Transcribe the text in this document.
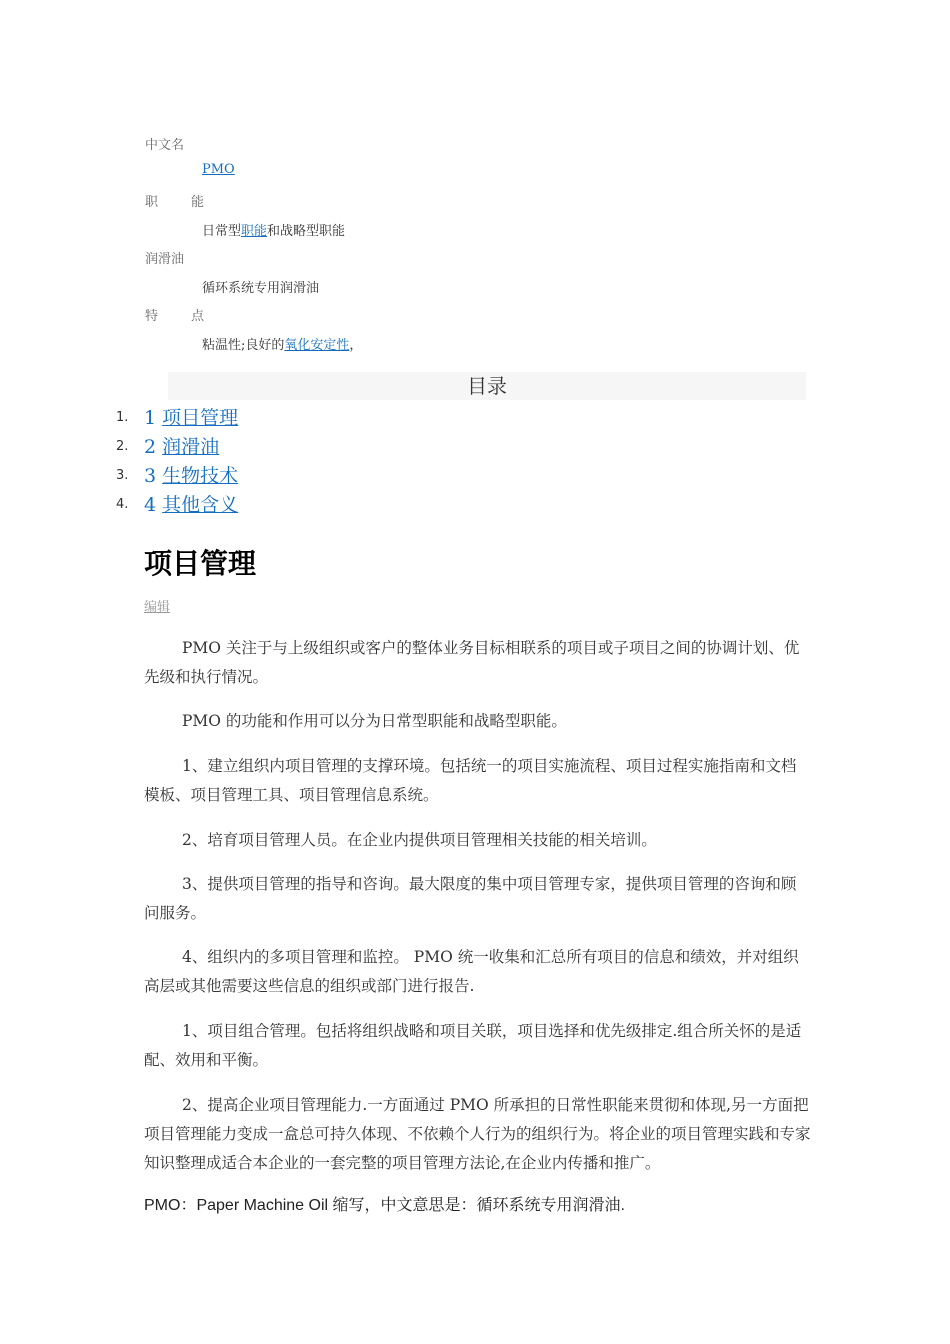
中文名
PMO
职        能
日常型职能和战略型职能
润滑油
循环系统专用润滑油
特        点
粘温性;良好的氧化安定性，
目录
1. 1 项目管理
2. 2 润滑油
3. 3 生物技术
4. 4 其他含义
项目管理
编辑

PMO 关注于与上级组织或客户的整体业务目标相联系的项目或子项目之间的协调计划、优先级和执行情况。

PMO 的功能和作用可以分为日常型职能和战略型职能。

1、建立组织内项目管理的支撑环境。包括统一的项目实施流程、项目过程实施指南和文档模板、项目管理工具、项目管理信息系统。

2、培育项目管理人员。在企业内提供项目管理相关技能的相关培训。

3、提供项目管理的指导和咨询。最大限度的集中项目管理专家，提供项目管理的咨询和顾问服务。

4、组织内的多项目管理和监控。 PMO 统一收集和汇总所有项目的信息和绩效，并对组织高层或其他需要这些信息的组织或部门进行报告.

1、项目组合管理。包括将组织战略和项目关联，项目选择和优先级排定.组合所关怀的是适配、效用和平衡。

2、提高企业项目管理能力.一方面通过 PMO 所承担的日常性职能来贯彻和体现,另一方面把项目管理能力变成一盒总可持久体现、不依赖个人行为的组织行为。将企业的项目管理实践和专家知识整理成适合本企业的一套完整的项目管理方法论,在企业内传播和推广。

PMO：Paper Machine Oil 缩写，中文意思是：循环系统专用润滑油.
